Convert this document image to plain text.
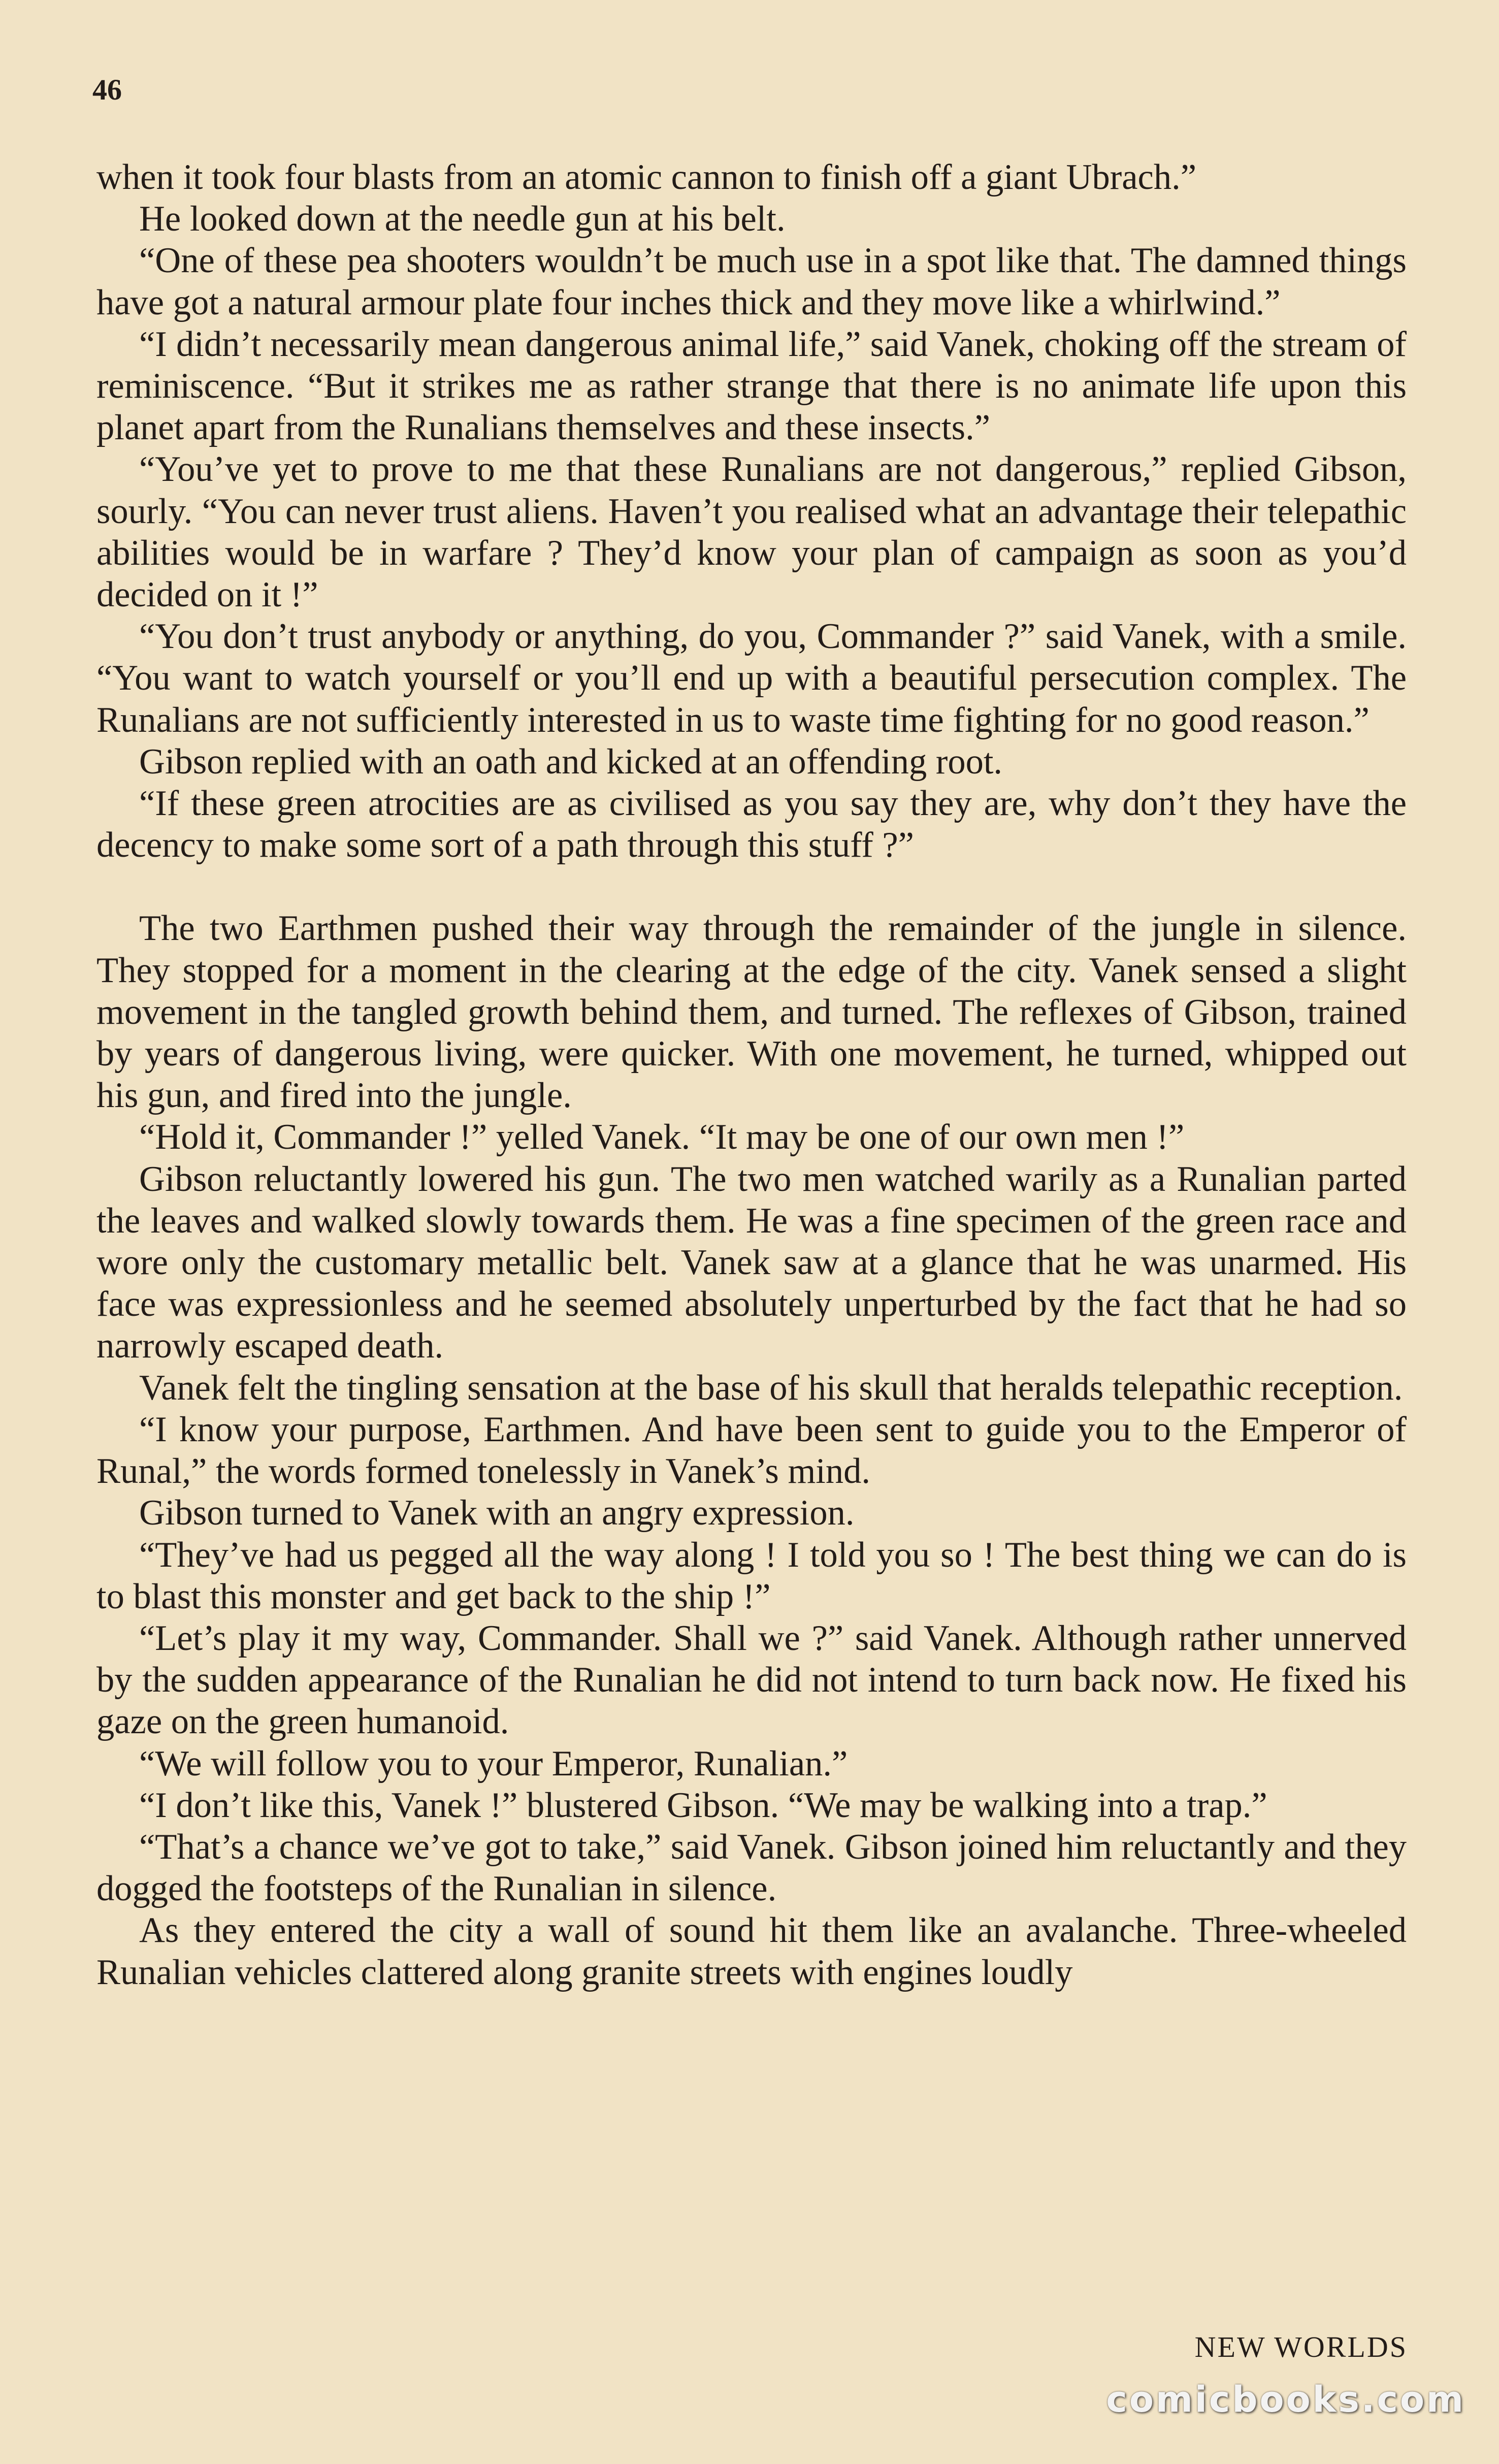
46

when it took four blasts from an atomic cannon to finish off a giant Ubrach.”

He looked down at the needle gun at his belt.

“One of these pea shooters wouldn’t be much use in a spot like that. The damned things have got a natural armour plate four inches thick and they move like a whirlwind.”

“I didn’t necessarily mean dangerous animal life,” said Vanek, choking off the stream of reminiscence. “But it strikes me as rather strange that there is no animate life upon this planet apart from the Runalians themselves and these insects.”

“You’ve yet to prove to me that these Runalians are not dangerous,” replied Gibson, sourly. “You can never trust aliens. Haven’t you realised what an advantage their telepathic abilities would be in warfare ? They’d know your plan of campaign as soon as you’d decided on it !”

“You don’t trust anybody or anything, do you, Commander ?” said Vanek, with a smile. “You want to watch yourself or you’ll end up with a beautiful persecution complex. The Runalians are not sufficiently interested in us to waste time fighting for no good reason.”

Gibson replied with an oath and kicked at an offending root.

“If these green atrocities are as civilised as you say they are, why don’t they have the decency to make some sort of a path through this stuff ?”

The two Earthmen pushed their way through the remainder of the jungle in silence. They stopped for a moment in the clearing at the edge of the city. Vanek sensed a slight movement in the tangled growth behind them, and turned. The reflexes of Gibson, trained by years of dangerous living, were quicker. With one movement, he turned, whipped out his gun, and fired into the jungle.

“Hold it, Commander !” yelled Vanek. “It may be one of our own men !”

Gibson reluctantly lowered his gun. The two men watched warily as a Runalian parted the leaves and walked slowly towards them. He was a fine specimen of the green race and wore only the customary metallic belt. Vanek saw at a glance that he was unarmed. His face was expressionless and he seemed absolutely unperturbed by the fact that he had so narrowly escaped death.

Vanek felt the tingling sensation at the base of his skull that heralds telepathic reception.

“I know your purpose, Earthmen. And have been sent to guide you to the Emperor of Runal,” the words formed tonelessly in Vanek’s mind.

Gibson turned to Vanek with an angry expression.

“They’ve had us pegged all the way along ! I told you so ! The best thing we can do is to blast this monster and get back to the ship !”

“Let’s play it my way, Commander. Shall we ?” said Vanek. Although rather unnerved by the sudden appearance of the Runalian he did not intend to turn back now. He fixed his gaze on the green humanoid.

“We will follow you to your Emperor, Runalian.”

“I don’t like this, Vanek !” blustered Gibson. “We may be walking into a trap.”

“That’s a chance we’ve got to take,” said Vanek. Gibson joined him reluctantly and they dogged the footsteps of the Runalian in silence.

As they entered the city a wall of sound hit them like an avalanche. Three-wheeled Runalian vehicles clattered along granite streets with engines loudly

NEW WORLDS
comicbooks.com
